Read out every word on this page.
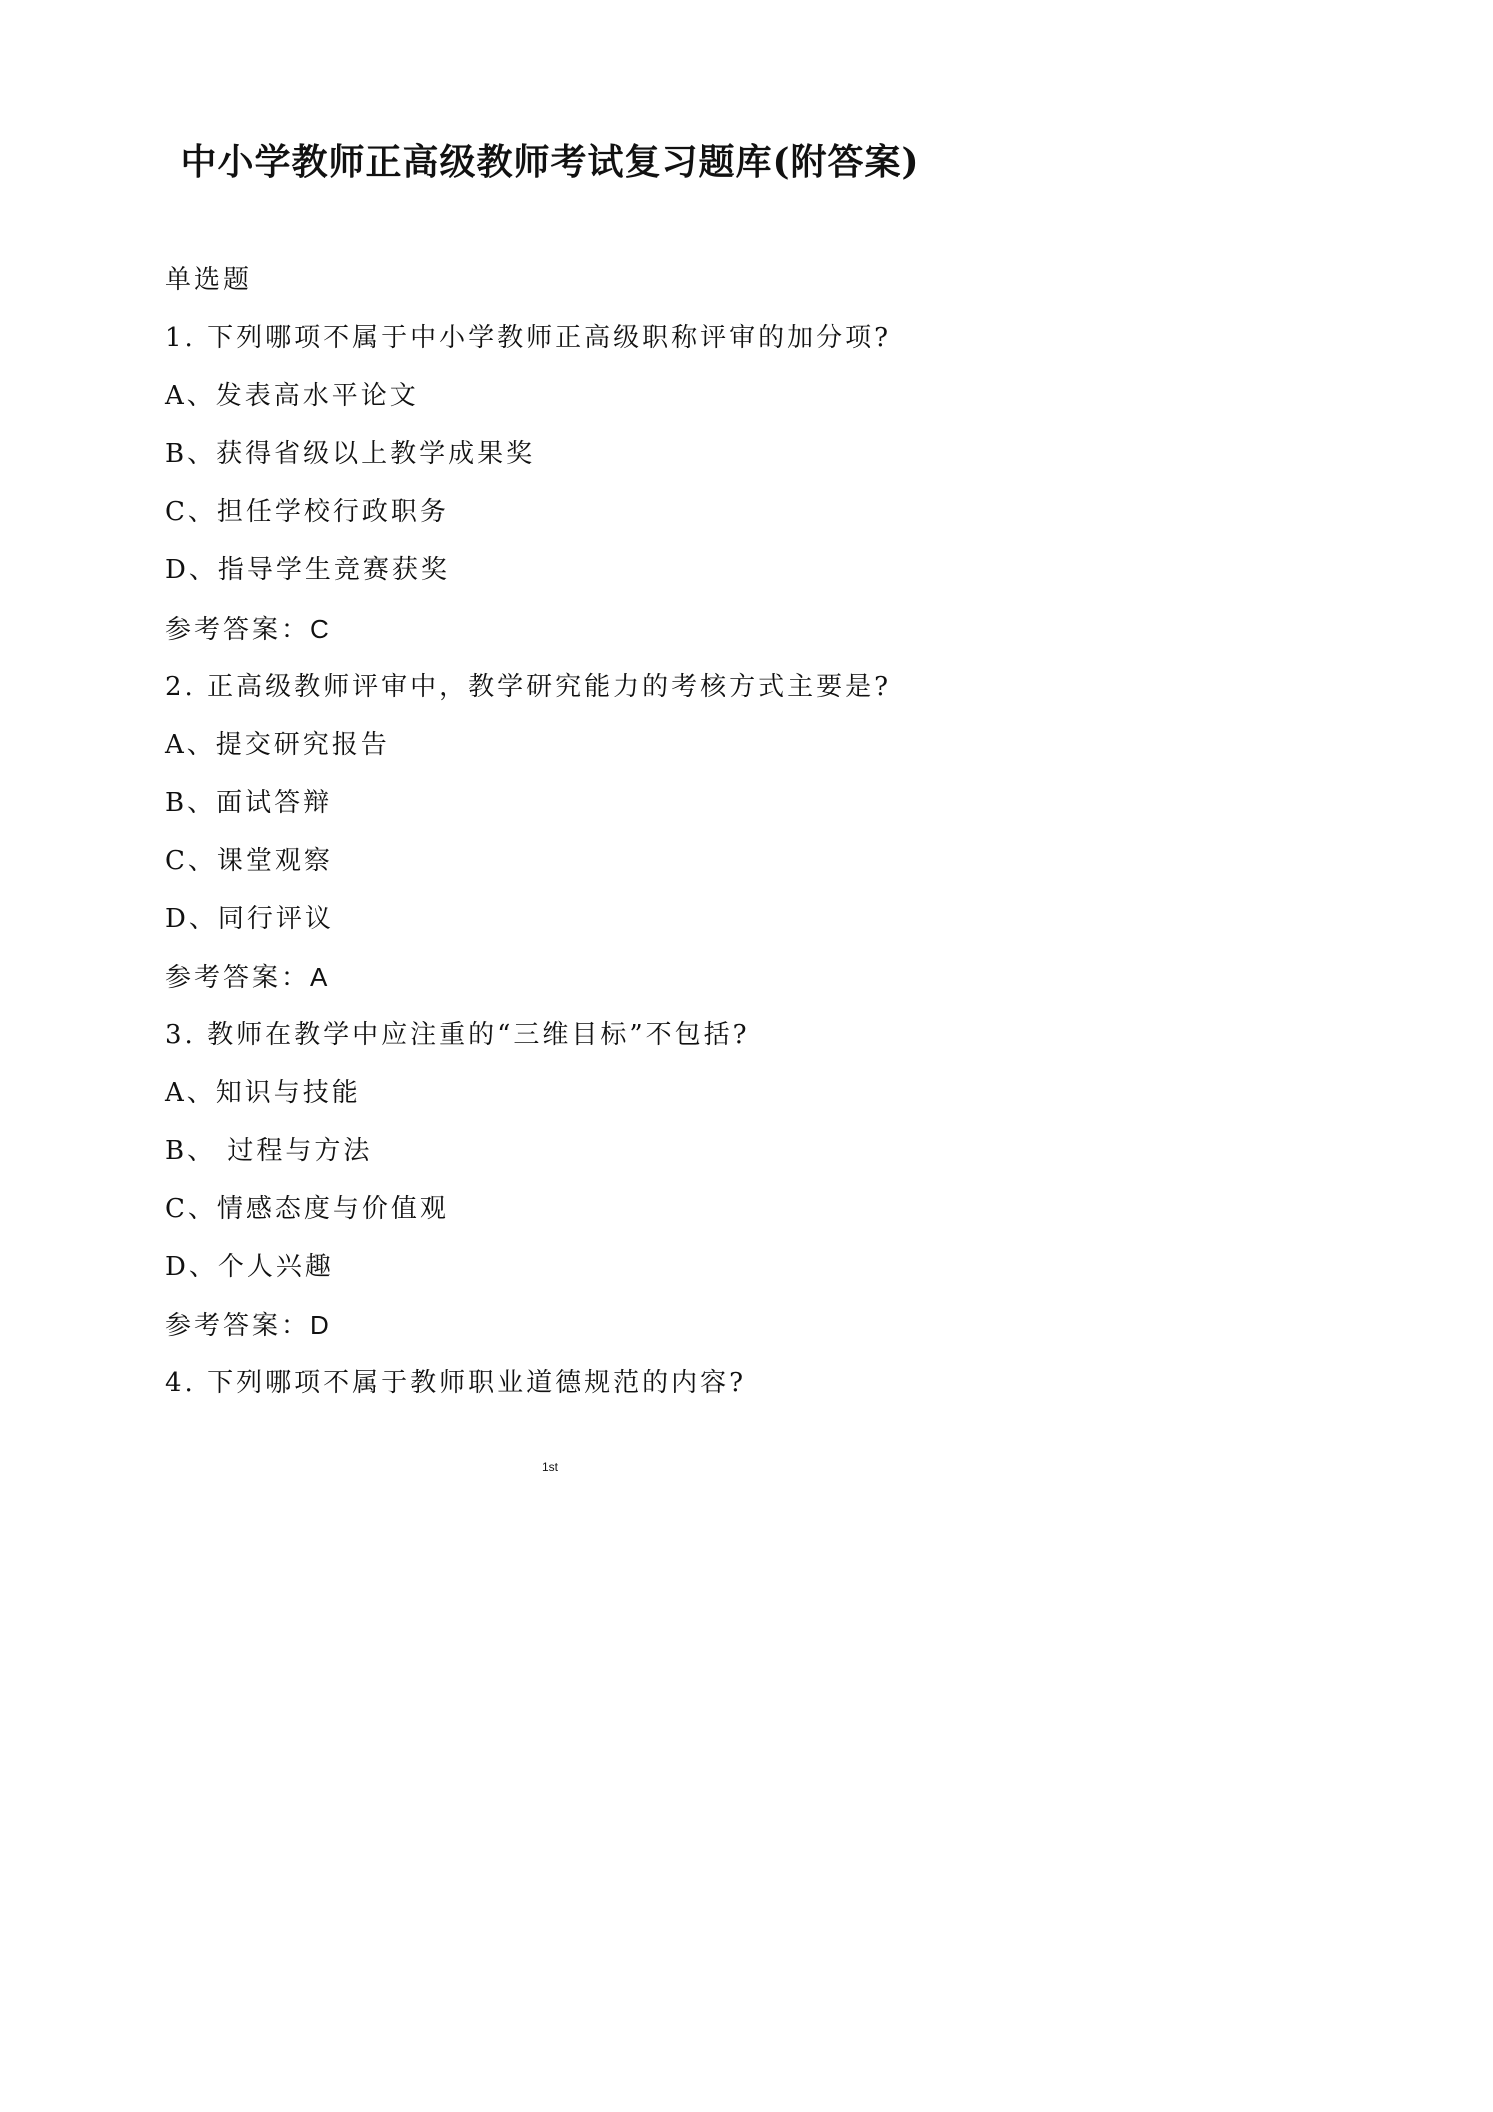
中小学教师正高级教师考试复习题库(附答案)

单选题

1. 下列哪项不属于中小学教师正高级职称评审的加分项?

A、发表高水平论文

B、获得省级以上教学成果奖

C、担任学校行政职务

D、指导学生竞赛获奖

参考答案：C

2. 正高级教师评审中，教学研究能力的考核方式主要是?

A、提交研究报告

B、面试答辩

C、课堂观察

D、同行评议

参考答案：A

3. 教师在教学中应注重的“三维目标”不包括?

A、知识与技能

B、 过程与方法

C、情感态度与价值观

D、个人兴趣

参考答案：D

4. 下列哪项不属于教师职业道德规范的内容?

1st
